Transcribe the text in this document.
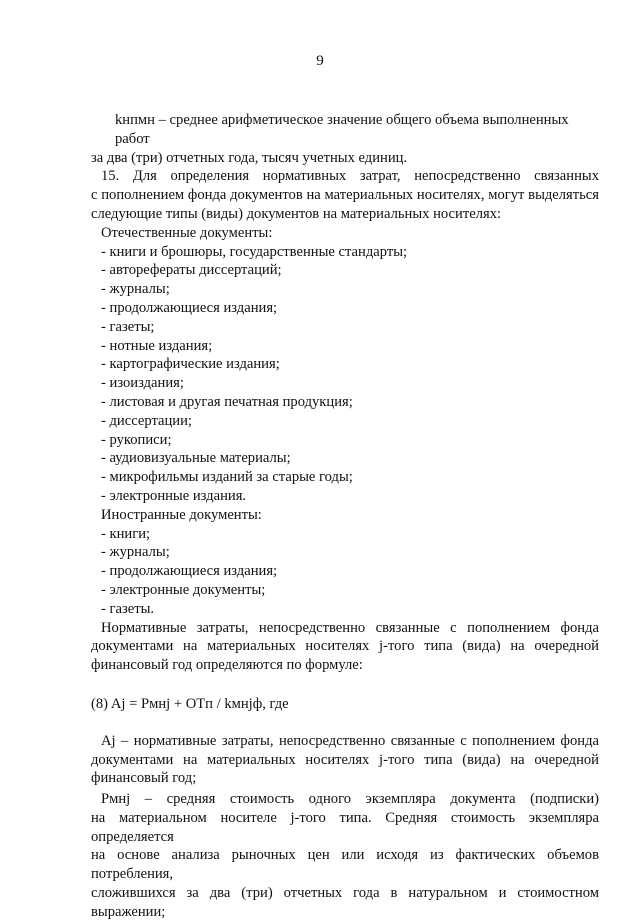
9

kнпмн – среднее арифметическое значение общего объема выполненных работ

за два (три) отчетных года, тысяч учетных единиц.

15. Для определения нормативных затрат, непосредственно связанных

с пополнением фонда документов на материальных носителях, могут выделяться

следующие типы (виды) документов на материальных носителях:

Отечественные документы:

- книги и брошюры, государственные стандарты;
- авторефераты диссертаций;
- журналы;
- продолжающиеся издания;
- газеты;
- нотные издания;
- картографические издания;
- изоиздания;
- листовая и другая печатная продукция;
- диссертации;
- рукописи;
- аудиовизуальные материалы;
- микрофильмы изданий за старые годы;
- электронные издания.

Иностранные документы:

- книги;
- журналы;
- продолжающиеся издания;
- электронные документы;
- газеты.

Нормативные затраты, непосредственно связанные с пополнением фонда

документами на материальных носителях j-того типа (вида) на очередной

финансовый год определяются по формуле:

(8) Aj = Pмнj + OTп / kмнjф, где

Aj – нормативные затраты, непосредственно связанные с пополнением фонда

документами на материальных носителях j-того типа (вида) на очередной

финансовый год;

Pмнj – средняя стоимость одного экземпляра документа (подписки)

на материальном носителе j-того типа. Средняя стоимость экземпляра определяется

на основе анализа рыночных цен или исходя из фактических объемов потребления,

сложившихся за два (три) отчетных года в натуральном и стоимостном выражении;
